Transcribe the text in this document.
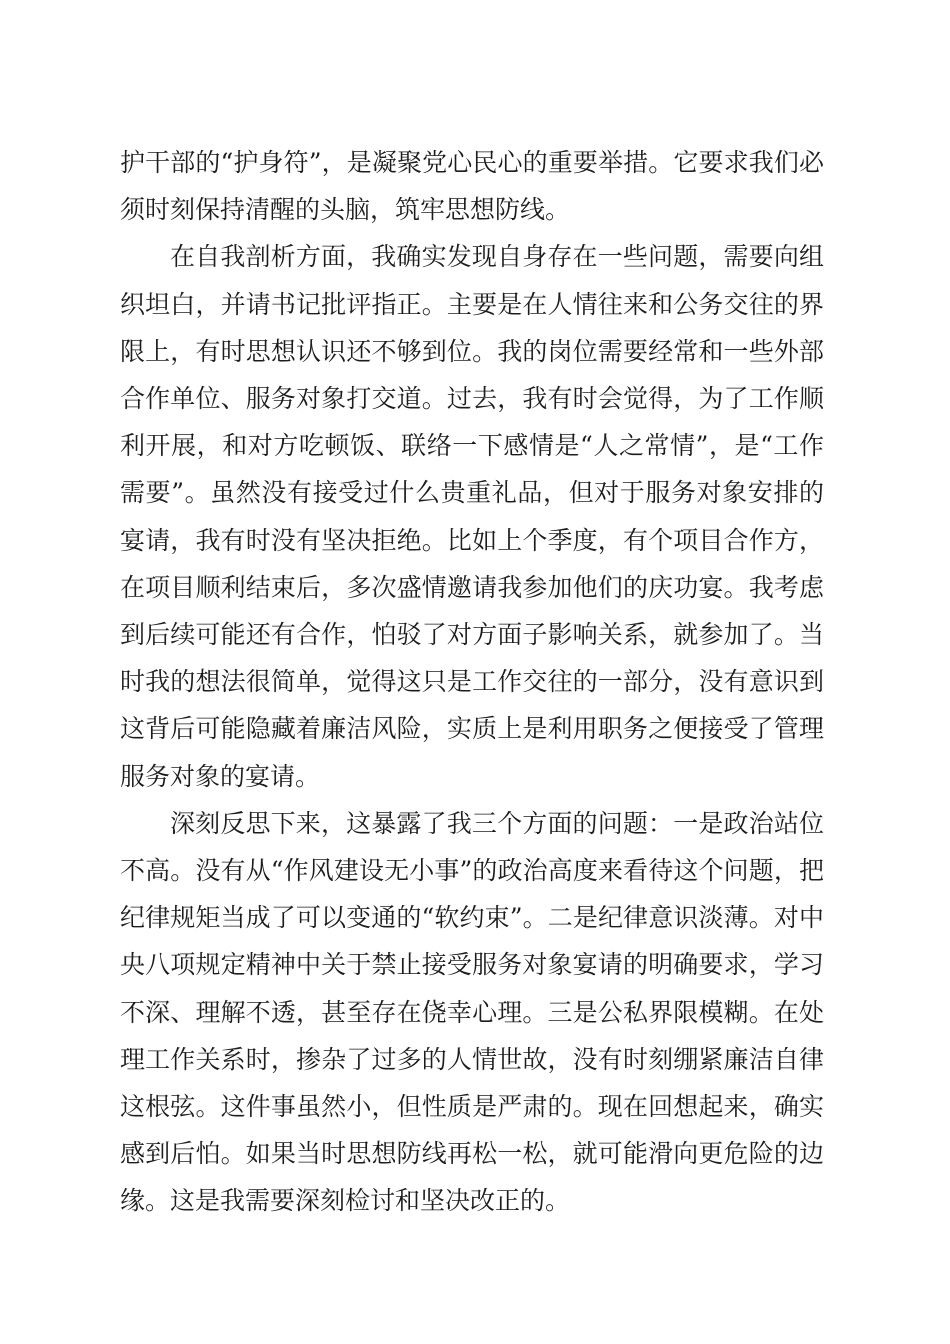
护干部的“护身符”，是凝聚党心民心的重要举措。它要求我们必须时刻保持清醒的头脑，筑牢思想防线。

在自我剖析方面，我确实发现自身存在一些问题，需要向组织坦白，并请书记批评指正。主要是在人情往来和公务交往的界限上，有时思想认识还不够到位。我的岗位需要经常和一些外部合作单位、服务对象打交道。过去，我有时会觉得，为了工作顺利开展，和对方吃顿饭、联络一下感情是“人之常情”，是“工作需要”。虽然没有接受过什么贵重礼品，但对于服务对象安排的宴请，我有时没有坚决拒绝。比如上个季度，有个项目合作方，在项目顺利结束后，多次盛情邀请我参加他们的庆功宴。我考虑到后续可能还有合作，怕驳了对方面子影响关系，就参加了。当时我的想法很简单，觉得这只是工作交往的一部分，没有意识到这背后可能隐藏着廉洁风险，实质上是利用职务之便接受了管理服务对象的宴请。

深刻反思下来，这暴露了我三个方面的问题：一是政治站位不高。没有从“作风建设无小事”的政治高度来看待这个问题，把纪律规矩当成了可以变通的“软约束”。二是纪律意识淡薄。对中央八项规定精神中关于禁止接受服务对象宴请的明确要求，学习不深、理解不透，甚至存在侥幸心理。三是公私界限模糊。在处理工作关系时，掺杂了过多的人情世故，没有时刻绷紧廉洁自律这根弦。这件事虽然小，但性质是严肃的。现在回想起来，确实感到后怕。如果当时思想防线再松一松，就可能滑向更危险的边缘。这是我需要深刻检讨和坚决改正的。
